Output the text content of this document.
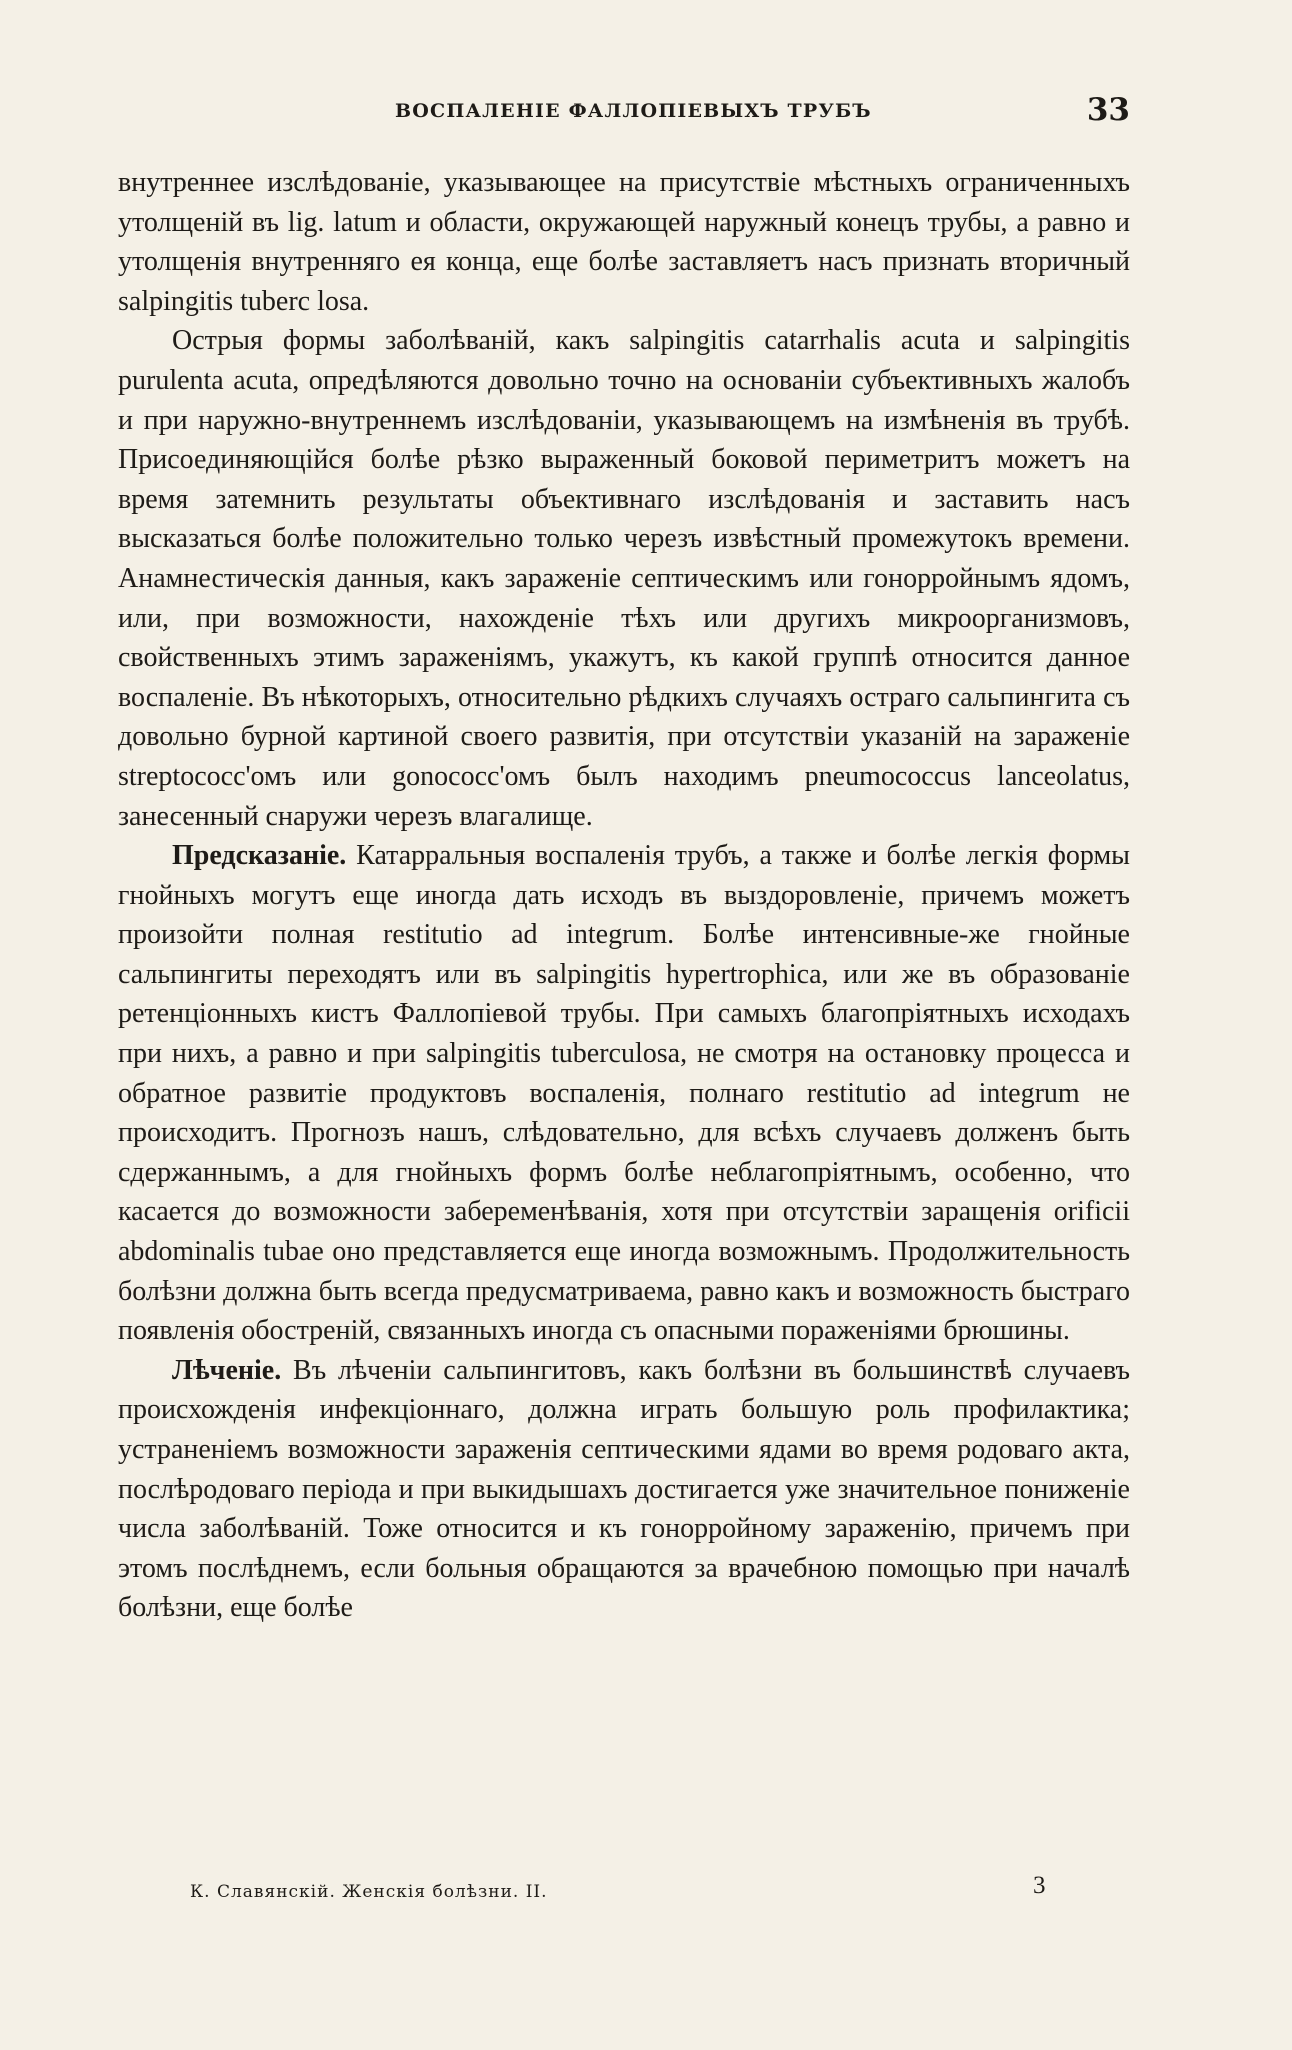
ВОСПАЛЕНІЕ ФАЛЛОПІЕВЫХЪ ТРУБЪ	33

внутреннее изслѣдованіе, указывающее на присутствіе мѣстныхъ ограниченныхъ утолщеній въ lig. latum и области, окружающей наружный конецъ трубы, а равно и утолщенія внутренняго ея конца, еще болѣе заставляетъ насъ признать вторичный salpingitis tuberc losa.

Острыя формы заболѣваній, какъ salpingitis catarrhalis acuta и salpingitis purulenta acuta, опредѣляются довольно точно на основаніи субъективныхъ жалобъ и при наружно-внутреннемъ изслѣдованіи, указывающемъ на измѣненія въ трубѣ. Присоединяющійся болѣе рѣзко выраженный боковой периметритъ можетъ на время затемнить результаты объективнаго изслѣдованія и заставить насъ высказаться болѣе положительно только черезъ извѣстный промежутокъ времени. Анамнестическія данныя, какъ зараженіе септическимъ или гонорройнымъ ядомъ, или, при возможности, нахожденіе тѣхъ или другихъ микроорганизмовъ, свойственныхъ этимъ зараженіямъ, укажутъ, къ какой группѣ относится данное воспаленіе. Въ нѣкоторыхъ, относительно рѣдкихъ случаяхъ остраго сальпингита съ довольно бурной картиной своего развитія, при отсутствіи указаній на зараженіе streptococc'омъ или gonococc'омъ былъ находимъ pneumococcus lanceolatus, занесенный снаружи черезъ влагалище.

Предсказаніе. Катарральныя воспаленія трубъ, а также и болѣе легкія формы гнойныхъ могутъ еще иногда дать исходъ въ выздоровленіе, причемъ можетъ произойти полная restitutio ad integrum. Болѣе интенсивные-же гнойные сальпингиты переходятъ или въ salpingitis hypertrophica, или же въ образованіе ретенціонныхъ кистъ Фаллопіевой трубы. При самыхъ благопріятныхъ исходахъ при нихъ, а равно и при salpingitis tuberculosa, не смотря на остановку процесса и обратное развитіе продуктовъ воспаленія, полнаго restitutio ad integrum не происходитъ. Прогнозъ нашъ, слѣдовательно, для всѣхъ случаевъ долженъ быть сдержаннымъ, а для гнойныхъ формъ болѣе неблагопріятнымъ, особенно, что касается до возможности забеременѣванія, хотя при отсутствіи заращенія orificii abdominalis tubae оно представляется еще иногда возможнымъ. Продолжительность болѣзни должна быть всегда предусматриваема, равно какъ и возможность быстраго появленія обостреній, связанныхъ иногда съ опасными пораженіями брюшины.

Лѣченіе. Въ лѣченіи сальпингитовъ, какъ болѣзни въ большинствѣ случаевъ происхожденія инфекціоннаго, должна играть большую роль профилактика; устраненіемъ возможности зараженія септическими ядами во время родоваго акта, послѣродоваго періода и при выкидышахъ достигается уже значительное пониженіе числа заболѣваній. Тоже относится и къ гонорройному зараженію, причемъ при этомъ послѣднемъ, если больныя обращаются за врачебною помощью при началѣ болѣзни, еще болѣе

К. Славянскій. Женскія болѣзни. II.	3
